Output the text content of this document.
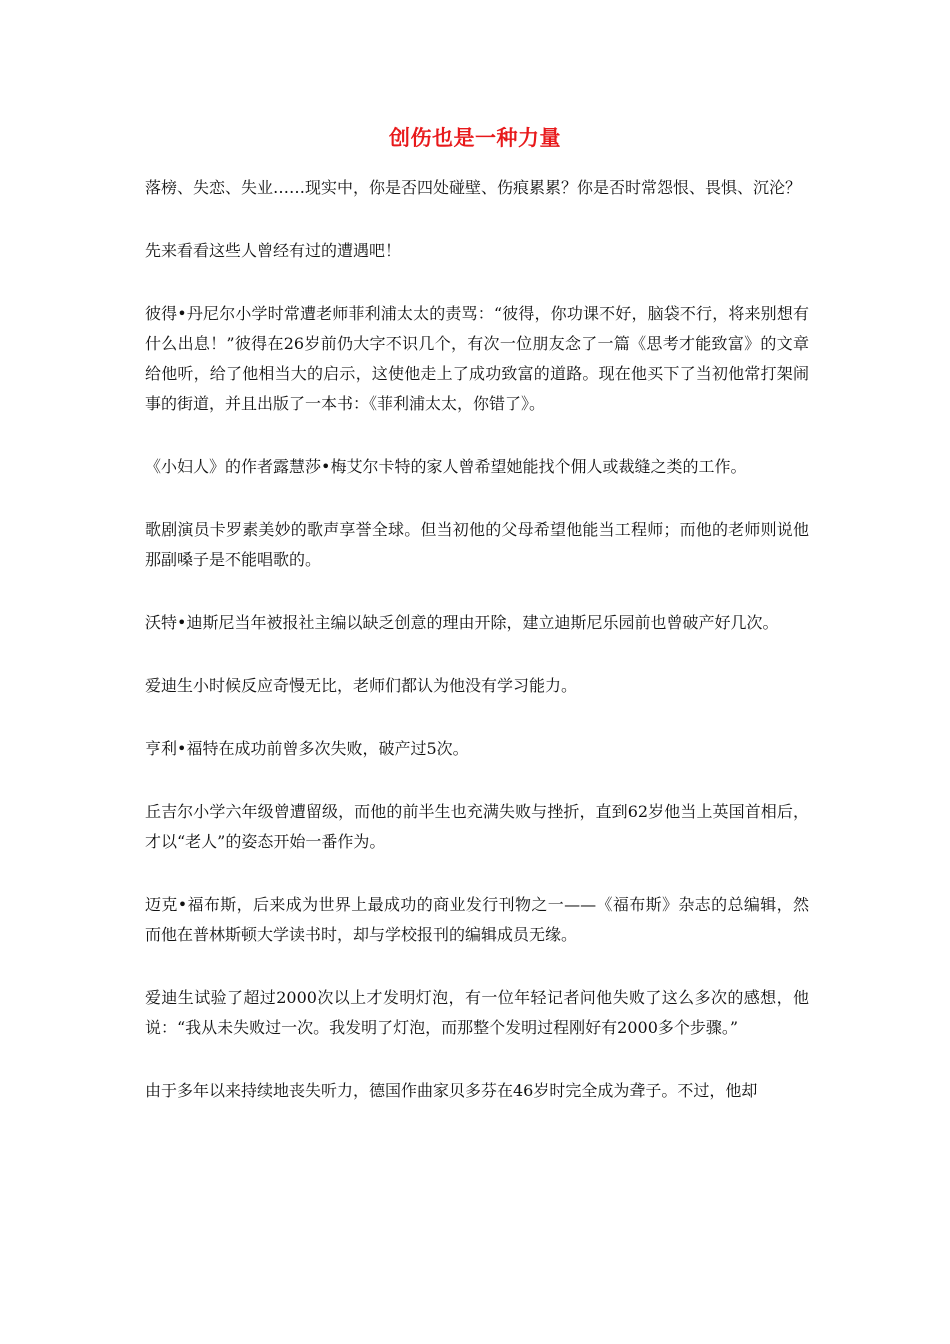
创伤也是一种力量

落榜、失恋、失业……现实中，你是否四处碰壁、伤痕累累？你是否时常怨恨、畏惧、沉沦？

先来看看这些人曾经有过的遭遇吧！

彼得•丹尼尔小学时常遭老师菲利浦太太的责骂：“彼得，你功课不好，脑袋不行，将来别想有什么出息！”彼得在26岁前仍大字不识几个，有次一位朋友念了一篇《思考才能致富》的文章给他听，给了他相当大的启示，这使他走上了成功致富的道路。现在他买下了当初他常打架闹事的街道，并且出版了一本书：《菲利浦太太，你错了》。

《小妇人》的作者露慧莎•梅艾尔卡特的家人曾希望她能找个佣人或裁缝之类的工作。

歌剧演员卡罗素美妙的歌声享誉全球。但当初他的父母希望他能当工程师；而他的老师则说他那副嗓子是不能唱歌的。

沃特•迪斯尼当年被报社主编以缺乏创意的理由开除，建立迪斯尼乐园前也曾破产好几次。

爱迪生小时候反应奇慢无比，老师们都认为他没有学习能力。

亨利•福特在成功前曾多次失败，破产过5次。

丘吉尔小学六年级曾遭留级，而他的前半生也充满失败与挫折，直到62岁他当上英国首相后，才以“老人”的姿态开始一番作为。

迈克•福布斯，后来成为世界上最成功的商业发行刊物之一——《福布斯》杂志的总编辑，然而他在普林斯顿大学读书时，却与学校报刊的编辑成员无缘。

爱迪生试验了超过2000次以上才发明灯泡，有一位年轻记者问他失败了这么多次的感想，他说：“我从未失败过一次。我发明了灯泡，而那整个发明过程刚好有2000多个步骤。”

由于多年以来持续地丧失听力，德国作曲家贝多芬在46岁时完全成为聋子。不过，他却
